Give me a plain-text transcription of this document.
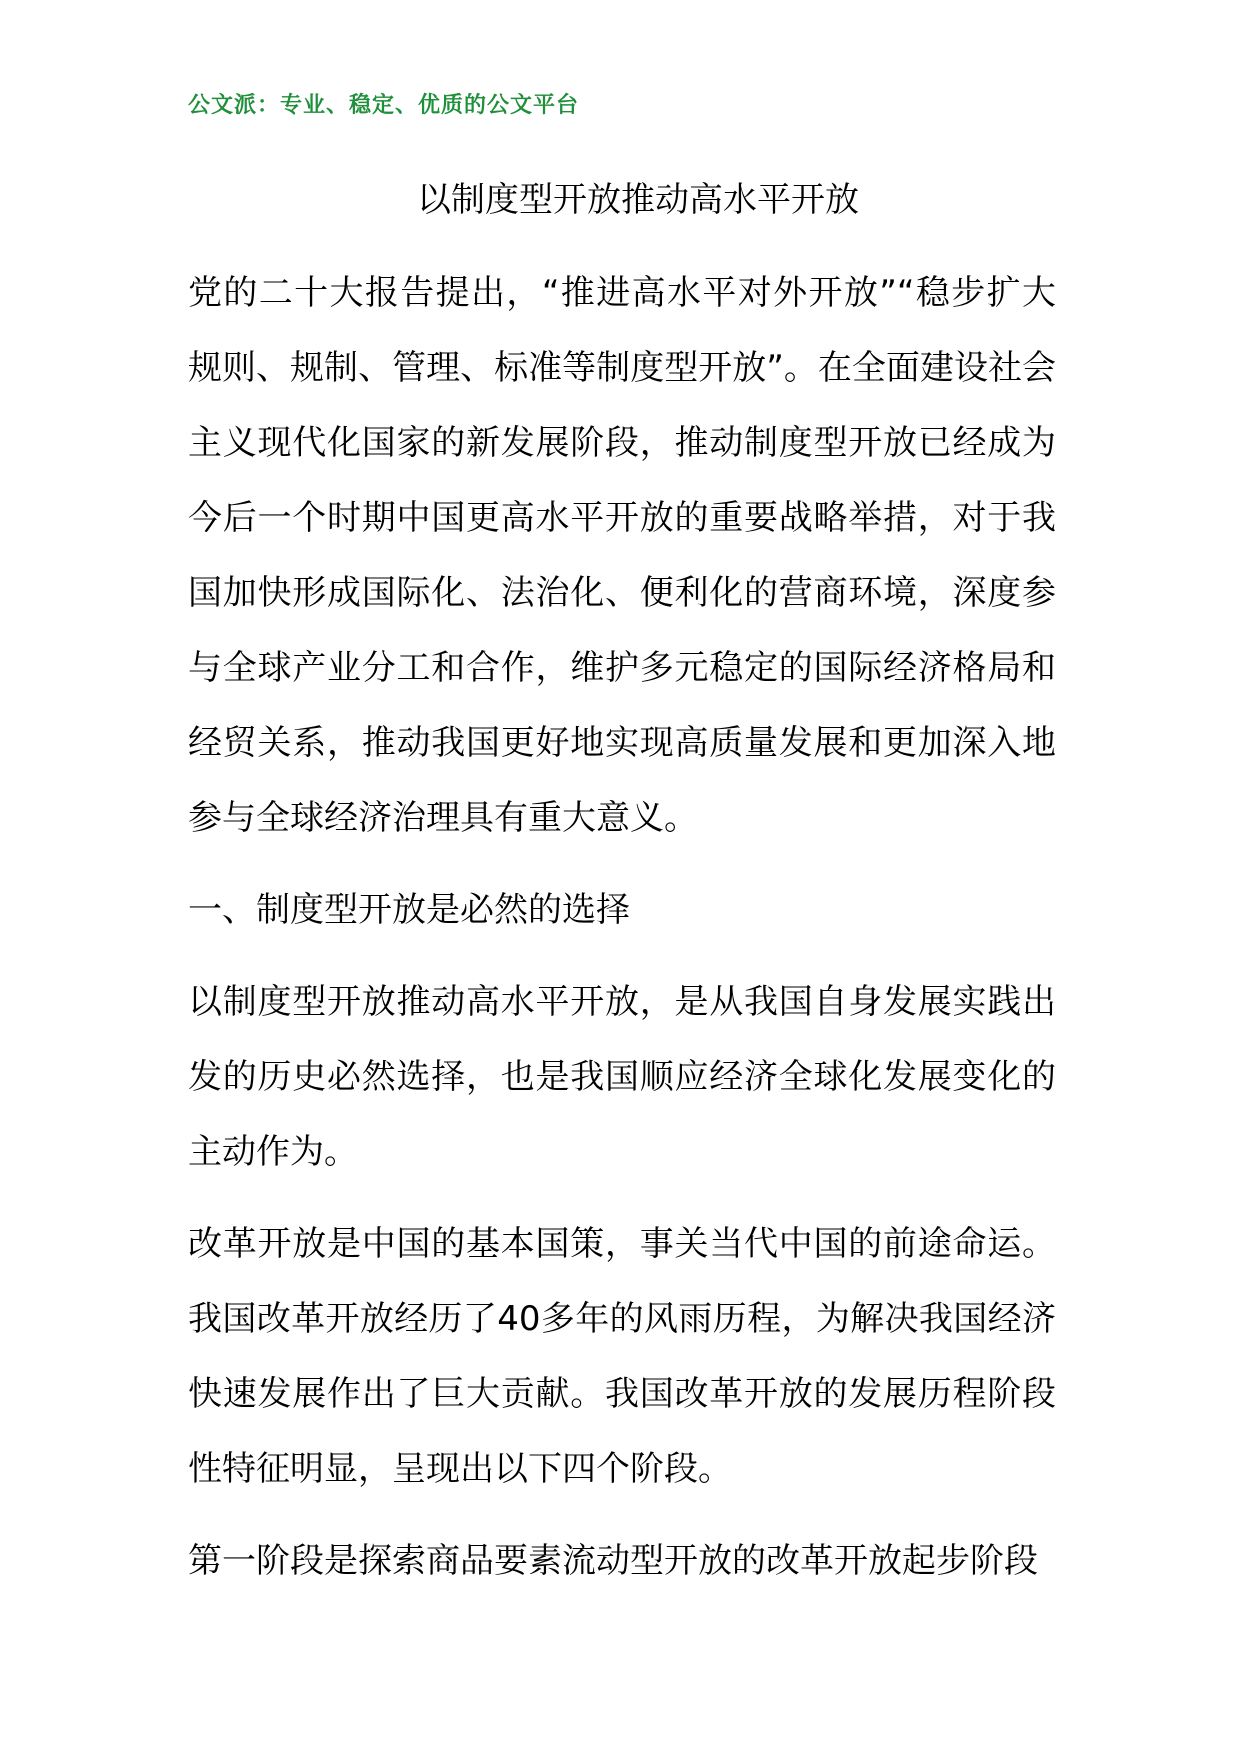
公文派：专业、稳定、优质的公文平台
以制度型开放推动高水平开放

党的二十大报告提出，“推进高水平对外开放”“稳步扩大规则、规制、管理、标准等制度型开放”。在全面建设社会主义现代化国家的新发展阶段，推动制度型开放已经成为今后一个时期中国更高水平开放的重要战略举措，对于我国加快形成国际化、法治化、便利化的营商环境，深度参与全球产业分工和合作，维护多元稳定的国际经济格局和经贸关系，推动我国更好地实现高质量发展和更加深入地参与全球经济治理具有重大意义。

一、制度型开放是必然的选择

以制度型开放推动高水平开放，是从我国自身发展实践出发的历史必然选择，也是我国顺应经济全球化发展变化的主动作为。

改革开放是中国的基本国策，事关当代中国的前途命运。我国改革开放经历了40多年的风雨历程，为解决我国经济快速发展作出了巨大贡献。我国改革开放的发展历程阶段性特征明显，呈现出以下四个阶段。

第一阶段是探索商品要素流动型开放的改革开放起步阶段
